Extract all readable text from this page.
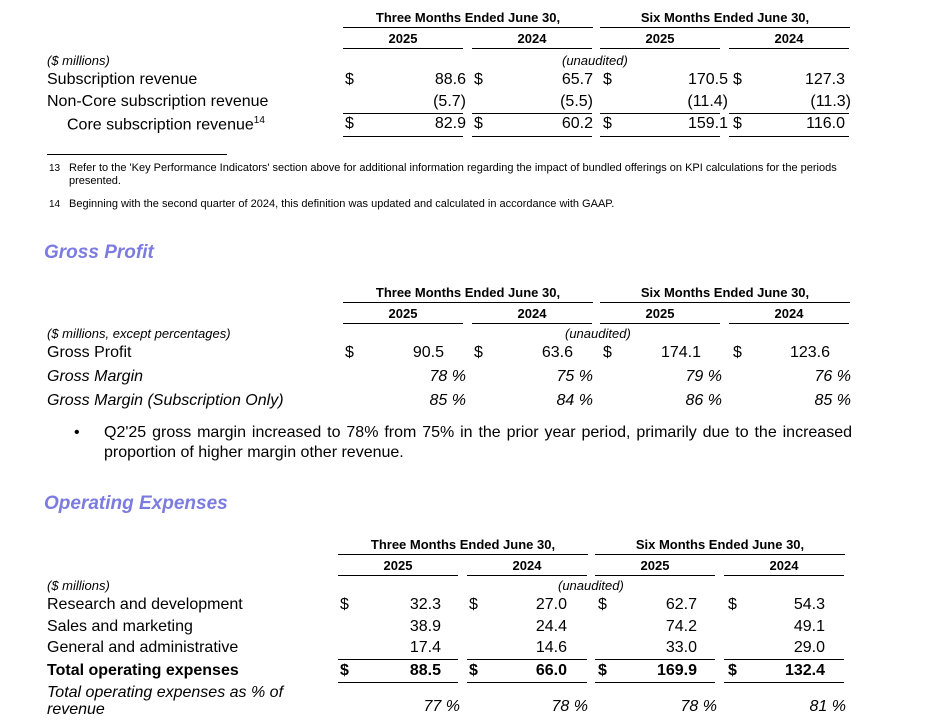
Three Months Ended June 30,	Six Months Ended June 30,
2025	2024	2025	2024
($ millions)	(unaudited)
Subscription revenue	$	88.6 $	65.7 $	170.5 $	127.3
Non-Core subscription revenue	(5.7)	(5.5)	(11.4)	(11.3)
Core subscription revenue$^{14}$	$	82.9 $	60.2 $	159.1 $	116.0
13 Refer to the 'Key Performance Indicators' section above for additional information regarding the impact of bundled offerings on KPI calculations for the periods presented.
14 Beginning with the second quarter of 2024, this definition was updated and calculated in accordance with GAAP.
Gross Profit
Three Months Ended June 30,	Six Months Ended June 30,
2025	2024	2025	2024
($ millions, except percentages)	(unaudited)
Gross Profit	$	90.5 $	63.6 $	174.1 $	123.6
Gross Margin	78 %	75 %	79 %	76 %
Gross Margin (Subscription Only)	85 %	84 %	86 %	85 %
• Q2'25 gross margin increased to 78% from 75% in the prior year period, primarily due to the increased proportion of higher margin other revenue.
Operating Expenses
Three Months Ended June 30,	Six Months Ended June 30,
2025	2024	2025	2024
($ millions)	(unaudited)
Research and development	$	32.3 $	27.0 $	62.7 $	54.3
Sales and marketing	38.9	24.4	74.2	49.1
General and administrative	17.4	14.6	33.0	29.0
Total operating expenses	$	88.5 $	66.0 $	169.9 $	132.4
Total operating expenses as % of
revenue	77 %	78 %	78 %	81 %
